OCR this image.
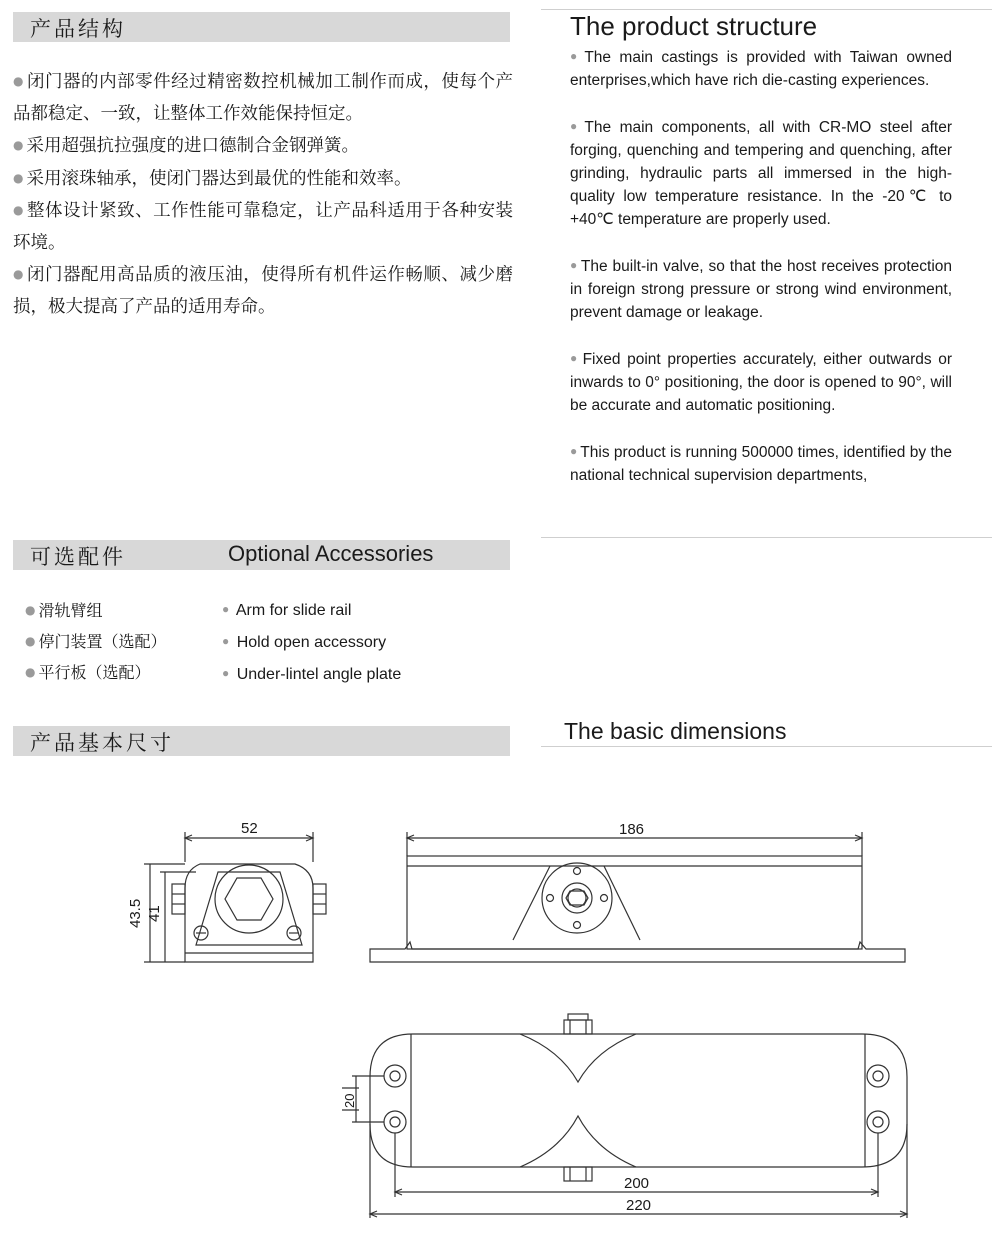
产品结构

● 闭门器的内部零件经过精密数控机械加工制作而成，使每个产品都稳定、一致，让整体工作效能保持恒定。

● 采用超强抗拉强度的进口德制合金钢弹簧。

● 采用滚珠轴承，使闭门器达到最优的性能和效率。

● 整体设计紧致、工作性能可靠稳定，让产品科适用于各种安装环境。

● 闭门器配用高品质的液压油，使得所有机件运作畅顺、减少磨损，极大提高了产品的适用寿命。

The product structure

● The main castings is provided with Taiwan owned enterprises,which have rich die-casting experiences.

● The main components, all with CR-MO steel after forging, quenching and tempering and quenching, after grinding, hydraulic parts all immersed in the high-quality low temperature resistance. In the -20℃ to +40℃ temperature are properly used.

● The built-in valve, so that the host receives protection in foreign strong pressure or strong wind environment, prevent damage or leakage.

● Fixed point properties accurately, either outwards or inwards to 0° positioning, the door is opened to 90°, will be accurate and automatic positioning.

● This product is running 500000 times, identified by the national technical supervision departments,

可选配件	Optional Accessories
● 滑轨臂组
● 停门装置（选配）
● 平行板（选配）
● Arm for slide rail
● Hold open accessory
● Under-lintel angle plate
产品基本尺寸	The basic dimensions
52
43.5 41
186
20
200
220
